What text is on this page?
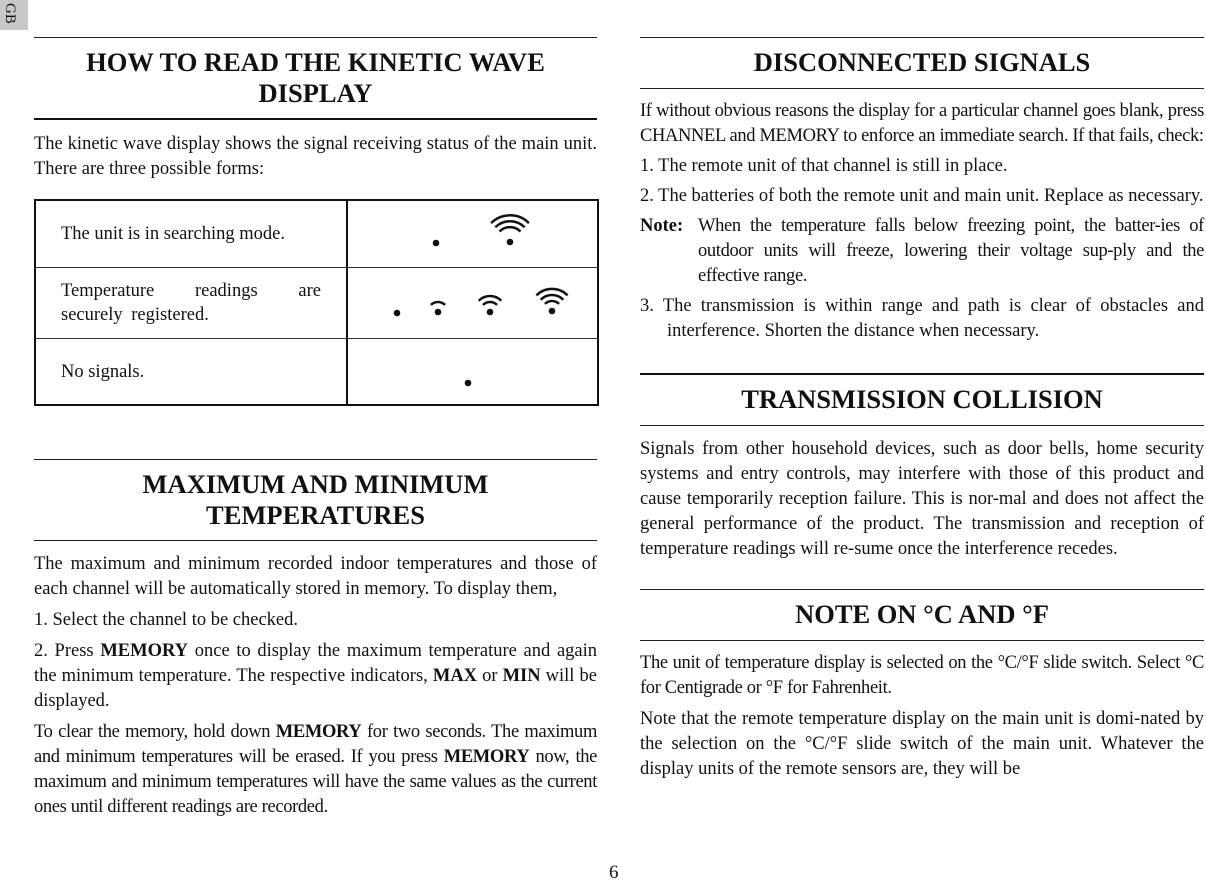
GB
HOW TO READ THE KINETIC WAVE
DISPLAY

The kinetic wave display shows the signal receiving status of the main unit. There are three possible forms:

The unit is in searching mode.	

Temperature readings are securely registered.

No signals.	
MAXIMUM AND MINIMUM
TEMPERATURES

The maximum and minimum recorded indoor temperatures and those of each channel will be automatically stored in memory. To display them,

1. Select the channel to be checked.

2. Press MEMORY once to display the maximum temperature and again the minimum temperature. The respective indicators, MAX or MIN will be displayed.

To clear the memory, hold down MEMORY for two seconds. The maximum and minimum temperatures will be erased. If you press MEMORY now, the maximum and minimum temperatures will have the same values as the current ones until different readings are recorded.

DISCONNECTED SIGNALS

If without obvious reasons the display for a particular channel goes blank, press CHANNEL and MEMORY to enforce an immediate search. If that fails, check:

1. The remote unit of that channel is still in place.

2. The batteries of both the remote unit and main unit. Replace as necessary.

Note: When the temperature falls below freezing point, the batter-ies of outdoor units will freeze, lowering their voltage sup-ply and the effective range.

3. The transmission is within range and path is clear of obstacles and interference. Shorten the distance when necessary.

TRANSMISSION COLLISION

Signals from other household devices, such as door bells, home security systems and entry controls, may interfere with those of this product and cause temporarily reception failure. This is nor-mal and does not affect the general performance of the product. The transmission and reception of temperature readings will re-sume once the interference recedes.

NOTE ON °C AND °F

The unit of temperature display is selected on the °C/°F slide switch. Select °C for Centigrade or °F for Fahrenheit.

Note that the remote temperature display on the main unit is domi-nated by the selection on the °C/°F slide switch of the main unit. Whatever the display units of the remote sensors are, they will be

6
